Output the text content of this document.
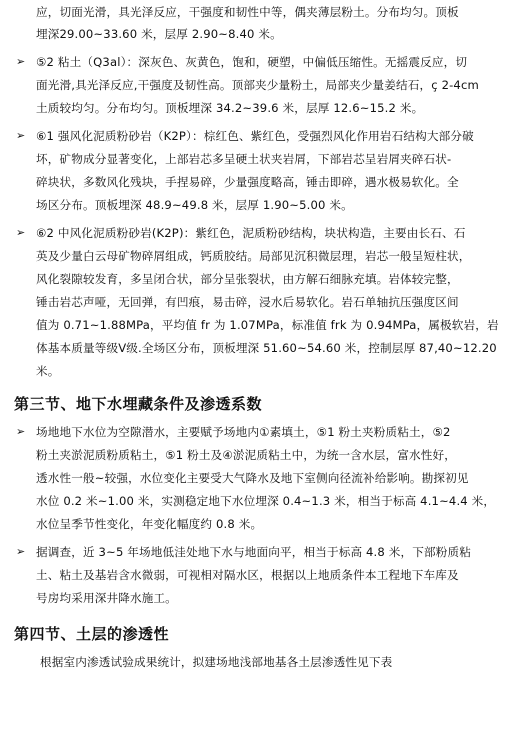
应，切面光滑，具光泽反应，干强度和韧性中等，偶夹薄层粉土。分布均匀。顶板
埋深29.00~33.60 米，层厚 2.90~8.40 米。
➢ ⑤2 粘土（Q3al）：深灰色、灰黄色，饱和，硬塑，中偏低压缩性。无摇震反应，切
面光滑,具光泽反应,干强度及韧性高。顶部夹少量粉土，局部夹少量姜结石，ç 2-4cm
土质较均匀。分布均匀。顶板埋深 34.2~39.6 米，层厚 12.6~15.2 米。
➢ ⑥1 强风化泥质粉砂岩（K2P）：棕红色、紫红色，受强烈风化作用岩石结构大部分破
坏，矿物成分显著变化，上部岩芯多呈硬土状夹岩屑，下部岩芯呈岩屑夹碎石状-
碎块状，多数风化残块，手捏易碎，少量强度略高，锤击即碎，遇水极易软化。全
场区分布。顶板埋深 48.9~49.8 米，层厚 1.90~5.00 米。
➢ ⑥2 中风化泥质粉砂岩(K2P)：紫红色，泥质粉砂结构，块状构造，主要由长石、石
英及少量白云母矿物碎屑组成，钙质胶结。局部见沉积微层理，岩芯一般呈短柱状，
风化裂隙较发育，多呈闭合状，部分呈张裂状，由方解石细脉充填。岩体较完整，
锤击岩芯声哑，无回弹，有凹痕，易击碎，浸水后易软化。岩石单轴抗压强度区间
值为 0.71~1.88MPa，平均值 fr 为 1.07MPa，标准值 frk 为 0.94MPa，属极软岩，岩
体基本质量等级Ⅴ级.全场区分布，顶板埋深 51.60~54.60 米，控制层厚 87,40~12.20
米。
第三节、地下水埋藏条件及渗透系数
➢ 场地地下水位为空隙潜水，主要赋予场地内①素填土，⑤1 粉土夹粉质粘土，⑤2
粉土夹淤泥质粉质粘土，⑤1 粉土及④淤泥质粘土中，为统一含水层，富水性好，
透水性一般~较强，水位变化主要受大气降水及地下室侧向径流补给影响。勘探初见
水位 0.2 米~1.00 米，实测稳定地下水位埋深 0.4~1.3 米，相当于标高 4.1~4.4 米，
水位呈季节性变化，年变化幅度约 0.8 米。
➢ 据调查，近 3~5 年场地低洼处地下水与地面向平，相当于标高 4.8 米，下部粉质粘
土、粘土及基岩含水微弱，可视相对隔水区，根据以上地质条件本工程地下车库及
号房均采用深井降水施工。
第四节、土层的渗透性
根据室内渗透试验成果统计，拟建场地浅部地基各土层渗透性见下表
